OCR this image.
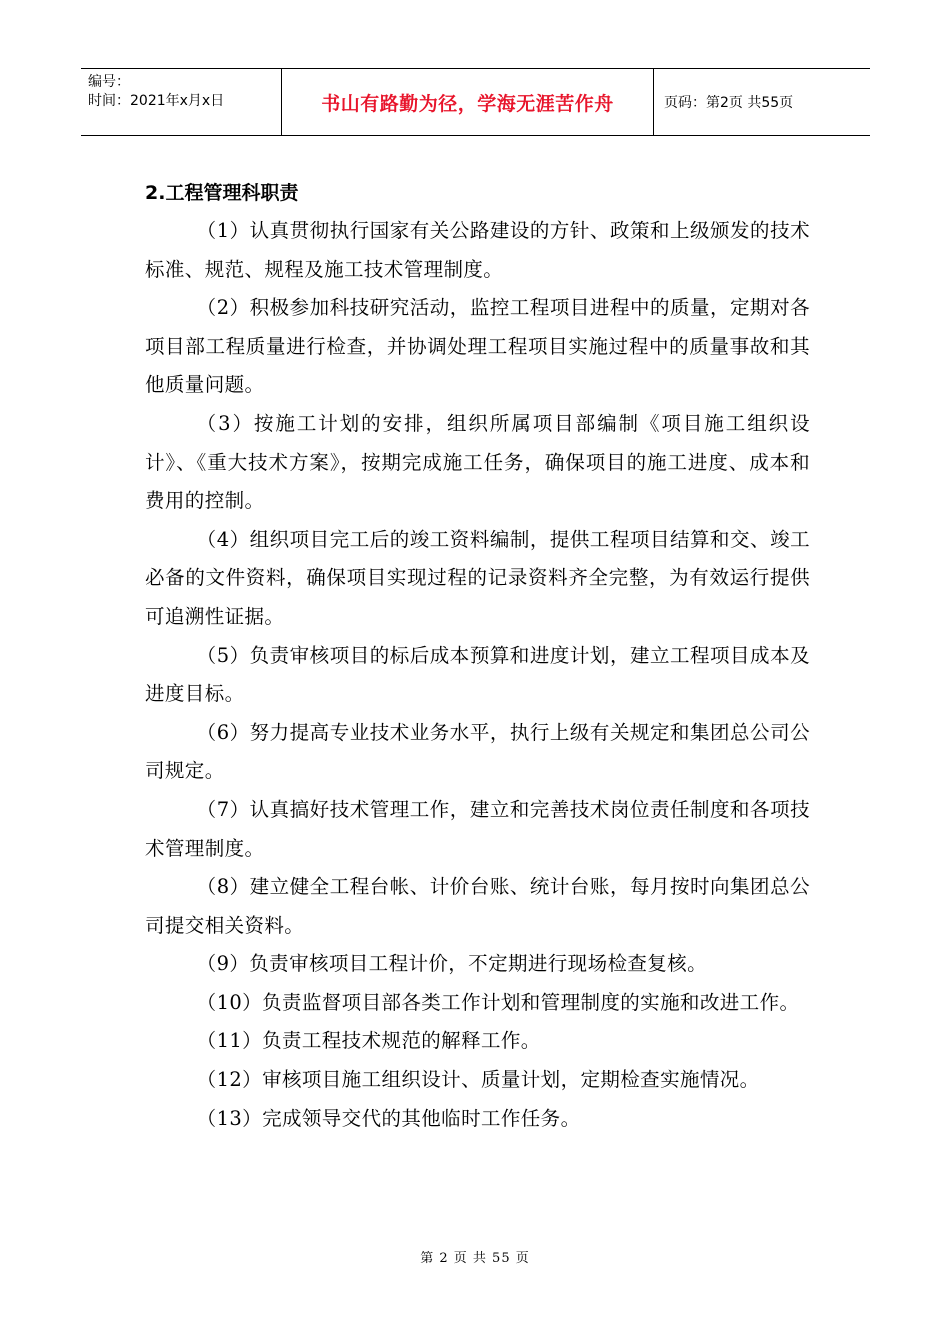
编号：
时间：2021年x月x日	书山有路勤为径，学海无涯苦作舟	页码：第2页 共55页

2.工程管理科职责

（1）认真贯彻执行国家有关公路建设的方针、政策和上级颁发的技术标准、规范、规程及施工技术管理制度。

（2）积极参加科技研究活动，监控工程项目进程中的质量，定期对各项目部工程质量进行检查，并协调处理工程项目实施过程中的质量事故和其他质量问题。

（3）按施工计划的安排，组织所属项目部编制《项目施工组织设计》、《重大技术方案》，按期完成施工任务，确保项目的施工进度、成本和费用的控制。

（4）组织项目完工后的竣工资料编制，提供工程项目结算和交、竣工必备的文件资料，确保项目实现过程的记录资料齐全完整，为有效运行提供可追溯性证据。

（5）负责审核项目的标后成本预算和进度计划，建立工程项目成本及进度目标。

（6）努力提高专业技术业务水平，执行上级有关规定和集团总公司公司规定。

（7）认真搞好技术管理工作，建立和完善技术岗位责任制度和各项技术管理制度。

（8）建立健全工程台帐、计价台账、统计台账，每月按时向集团总公司提交相关资料。

（9）负责审核项目工程计价，不定期进行现场检查复核。

（10）负责监督项目部各类工作计划和管理制度的实施和改进工作。

（11）负责工程技术规范的解释工作。

（12）审核项目施工组织设计、质量计划，定期检查实施情况。

（13）完成领导交代的其他临时工作任务。

第 2 页 共 55 页
